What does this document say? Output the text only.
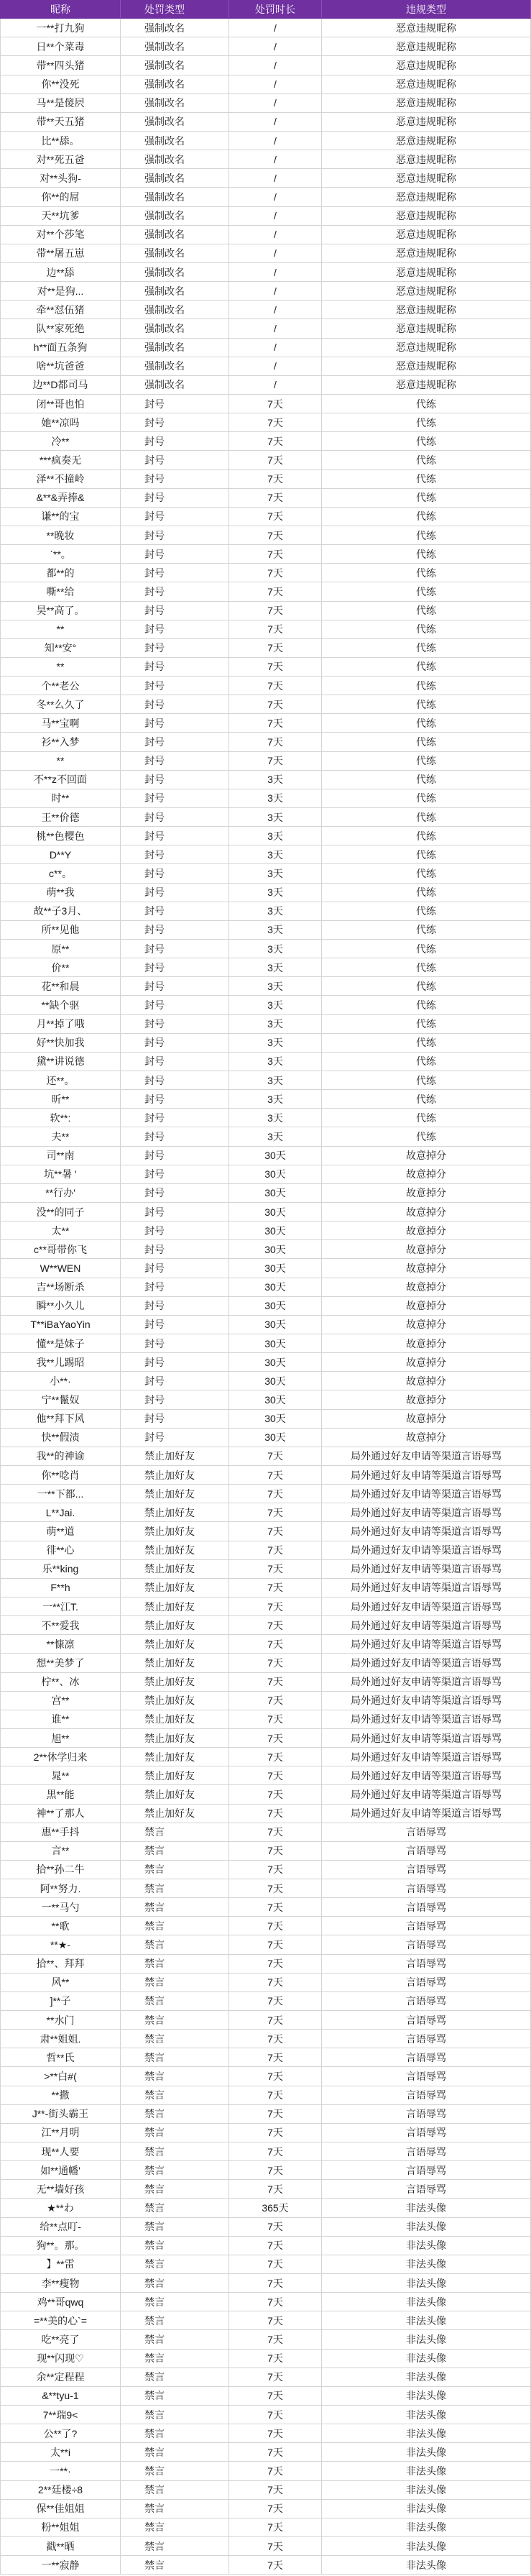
昵称	处罚类型	处罚时长	违规类型
一**打九狗	强制改名	/	恶意违规昵称
日**个菜毒	强制改名	/	恶意违规昵称
带**四头猪	强制改名	/	恶意违规昵称
你**没死	强制改名	/	恶意违规昵称
马**是傻屄	强制改名	/	恶意违规昵称
带**天五猪	强制改名	/	恶意违规昵称
比**舔。	强制改名	/	恶意违规昵称
对**死五爸	强制改名	/	恶意违规昵称
对**头狗-	强制改名	/	恶意违规昵称
你**的屌	强制改名	/	恶意违规昵称
天**坑爹	强制改名	/	恶意违规昵称
对**个莎笔	强制改名	/	恶意违规昵称
带**屠五崽	强制改名	/	恶意违规昵称
边**舔	强制改名	/	恶意违规昵称
对**是狗...	强制改名	/	恶意违规昵称
牵**怼伍猪	强制改名	/	恶意违规昵称
队**家死绝	强制改名	/	恶意违规昵称
h**面五条狗	强制改名	/	恶意违规昵称
啥**坑爸爸	强制改名	/	恶意违规昵称
边**D都司马	强制改名	/	恶意违规昵称
闭**哥也怕	封号	7天	代练
她**凉吗	封号	7天	代练
冷**	封号	7天	代练
***疯奏无	封号	7天	代练
泽**不撞岭	封号	7天	代练
&**&弄捧&	封号	7天	代练
谦**的宝	封号	7天	代练
**晚妆	封号	7天	代练
ˊ**。	封号	7天	代练
都**的	封号	7天	代练
嘶**给	封号	7天	代练
昊**高了。	封号	7天	代练
**	封号	7天	代练
知**安°	封号	7天	代练
**	封号	7天	代练
个**老公	封号	7天	代练
冬**么久了	封号	7天	代练
马**宝啊	封号	7天	代练
衫**入梦	封号	7天	代练
**	封号	7天	代练
不**z不回面	封号	3天	代练
时**	封号	3天	代练
王**价德	封号	3天	代练
桃**色樱色	封号	3天	代练
D**Y	封号	3天	代练
c**。	封号	3天	代练
萌**我	封号	3天	代练
故**子3月、	封号	3天	代练
所**见他	封号	3天	代练
原**	封号	3天	代练
价**	封号	3天	代练
花**和晨	封号	3天	代练
**缺个驱	封号	3天	代练
月**掉了哦	封号	3天	代练
好**快加我	封号	3天	代练
黛**讲说德	封号	3天	代练
还**。	封号	3天	代练
昕**	封号	3天	代练
软**:	封号	3天	代练
夫**	封号	3天	代练
司**南	封号	30天	故意掉分
坑**暑 '	封号	30天	故意掉分
**行办'	封号	30天	故意掉分
没**的同子	封号	30天	故意掉分
太**	封号	30天	故意掉分
c**哥带你飞	封号	30天	故意掉分
W**WEN	封号	30天	故意掉分
吉**场断杀	封号	30天	故意掉分
瞬**小久儿	封号	30天	故意掉分
T**iBaYaoYin	封号	30天	故意掉分
懂**是妹子	封号	30天	故意掉分
我**儿踢昭	封号	30天	故意掉分
小**·	封号	30天	故意掉分
宁**鬣奴	封号	30天	故意掉分
他**拜下风	封号	30天	故意掉分
快**假渍	封号	30天	故意掉分
我**的神谕	禁止加好友	7天	局外通过好友申请等渠道言语辱骂
你**唸肖	禁止加好友	7天	局外通过好友申请等渠道言语辱骂
一**下都...	禁止加好友	7天	局外通过好友申请等渠道言语辱骂
L**Jai.	禁止加好友	7天	局外通过好友申请等渠道言语辱骂
萌**道	禁止加好友	7天	局外通过好友申请等渠道言语辱骂
徘**心	禁止加好友	7天	局外通过好友申请等渠道言语辱骂
乐**king	禁止加好友	7天	局外通过好友申请等渠道言语辱骂
F**h	禁止加好友	7天	局外通过好友申请等渠道言语辱骂
一**江T.	禁止加好友	7天	局外通过好友申请等渠道言语辱骂
不**爱我	禁止加好友	7天	局外通过好友申请等渠道言语辱骂
**慷凛	禁止加好友	7天	局外通过好友申请等渠道言语辱骂
想**美梦了	禁止加好友	7天	局外通过好友申请等渠道言语辱骂
柠**、冰	禁止加好友	7天	局外通过好友申请等渠道言语辱骂
宫**	禁止加好友	7天	局外通过好友申请等渠道言语辱骂
谁**	禁止加好友	7天	局外通过好友申请等渠道言语辱骂
旭**	禁止加好友	7天	局外通过好友申请等渠道言语辱骂
2**休学归来	禁止加好友	7天	局外通过好友申请等渠道言语辱骂
晁**	禁止加好友	7天	局外通过好友申请等渠道言语辱骂
黑**能	禁止加好友	7天	局外通过好友申请等渠道言语辱骂
神**了那人	禁止加好友	7天	局外通过好友申请等渠道言语辱骂
惠**手抖	禁言	7天	言语辱骂
言**	禁言	7天	言语辱骂
拾**孙二牛	禁言	7天	言语辱骂
阿**努力.	禁言	7天	言语辱骂
一**马勺	禁言	7天	言语辱骂
**歌	禁言	7天	言语辱骂
**★-	禁言	7天	言语辱骂
拾**、拜拜	禁言	7天	言语辱骂
风**	禁言	7天	言语辱骂
]**子	禁言	7天	言语辱骂
**水门	禁言	7天	言语辱骂
肃**姐姐.	禁言	7天	言语辱骂
哲**氏	禁言	7天	言语辱骂
>**白#(	禁言	7天	言语辱骂
**撒	禁言	7天	言语辱骂
J**-街头霸王	禁言	7天	言语辱骂
江**月明	禁言	7天	言语辱骂
现**人要	禁言	7天	言语辱骂
如**通幡'	禁言	7天	言语辱骂
无**墙好孩	禁言	7天	言语辱骂
★**わ	禁言	365天	非法头像
给**点叮-	禁言	7天	非法头像
狗**。那。	禁言	7天	非法头像
】**雷	禁言	7天	非法头像
李**瘦物	禁言	7天	非法头像
鸡**哥qwq	禁言	7天	非法头像
=**美的心`=	禁言	7天	非法头像
吃**亮了	禁言	7天	非法头像
现**闪现♡	禁言	7天	非法头像
余**定程程	禁言	7天	非法头像
&**tyu-1	禁言	7天	非法头像
7**瑞9<	禁言	7天	非法头像
公**了?	禁言	7天	非法头像
太**i	禁言	7天	非法头像
一**·	禁言	7天	非法头像
2**廷楼÷8	禁言	7天	非法头像
保**佳姐姐	禁言	7天	非法头像
粉**姐姐	禁言	7天	非法头像
戳**晒	禁言	7天	非法头像
一**寂静	禁言	7天	非法头像
